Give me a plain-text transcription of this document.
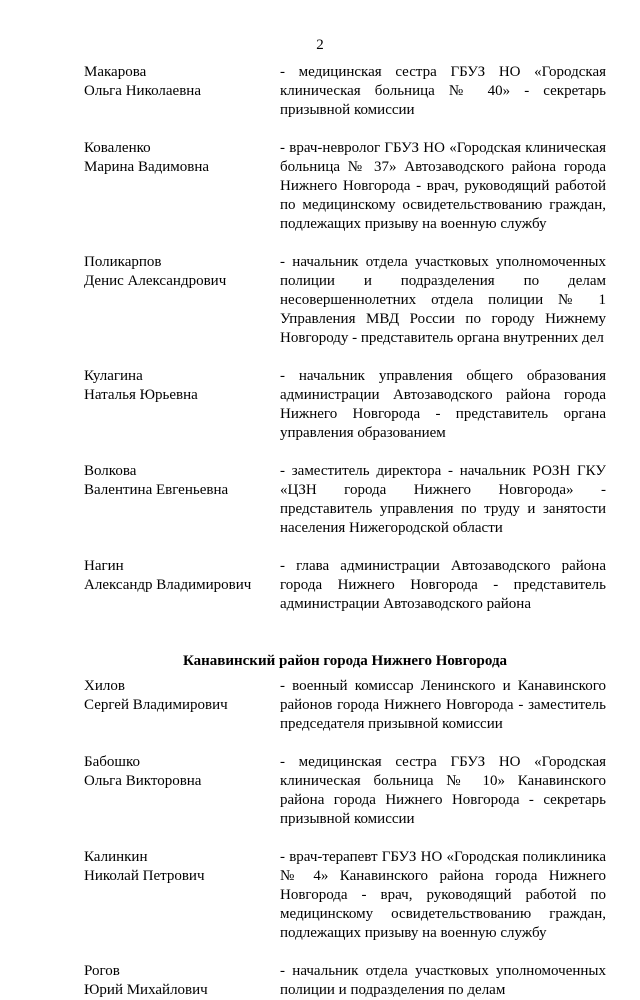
2
Макарова
Ольга Николаевна
- медицинская сестра ГБУЗ НО «Городская клиническая больница № 40» - секретарь призывной комиссии
Коваленко
Марина Вадимовна
- врач-невролог ГБУЗ НО «Городская клиническая больница № 37» Автозаводского района города Нижнего Новгорода - врач, руководящий работой по медицинскому освидетельствованию граждан, подлежащих призыву на военную службу
Поликарпов
Денис Александрович
- начальник отдела участковых уполномоченных полиции и подразделения по делам несовершеннолетних отдела полиции № 1 Управления МВД России по городу Нижнему Новгороду - представитель органа внутренних дел
Кулагина
Наталья Юрьевна
- начальник управления общего образования администрации Автозаводского района города Нижнего Новгорода - представитель органа управления образованием
Волкова
Валентина Евгеньевна
- заместитель директора - начальник РОЗН ГКУ «ЦЗН города Нижнего Новгорода» - представитель управления по труду и занятости населения Нижегородской области
Нагин
Александр Владимирович
- глава администрации Автозаводского района города Нижнего Новгорода - представитель администрации Автозаводского района
Канавинский район города Нижнего Новгорода
Хилов
Сергей Владимирович
- военный комиссар Ленинского и Канавинского районов города Нижнего Новгорода - заместитель председателя призывной комиссии
Бабошко
Ольга Викторовна
- медицинская сестра ГБУЗ НО «Городская клиническая больница № 10» Канавинского района города Нижнего Новгорода - секретарь призывной комиссии
Калинкин
Николай Петрович
- врач-терапевт ГБУЗ НО «Городская поликлиника № 4» Канавинского района города Нижнего Новгорода - врач, руководящий работой по медицинскому освидетельствованию граждан, подлежащих призыву на военную службу
Рогов
Юрий Михайлович
- начальник отдела участковых уполномоченных полиции и подразделения по делам
